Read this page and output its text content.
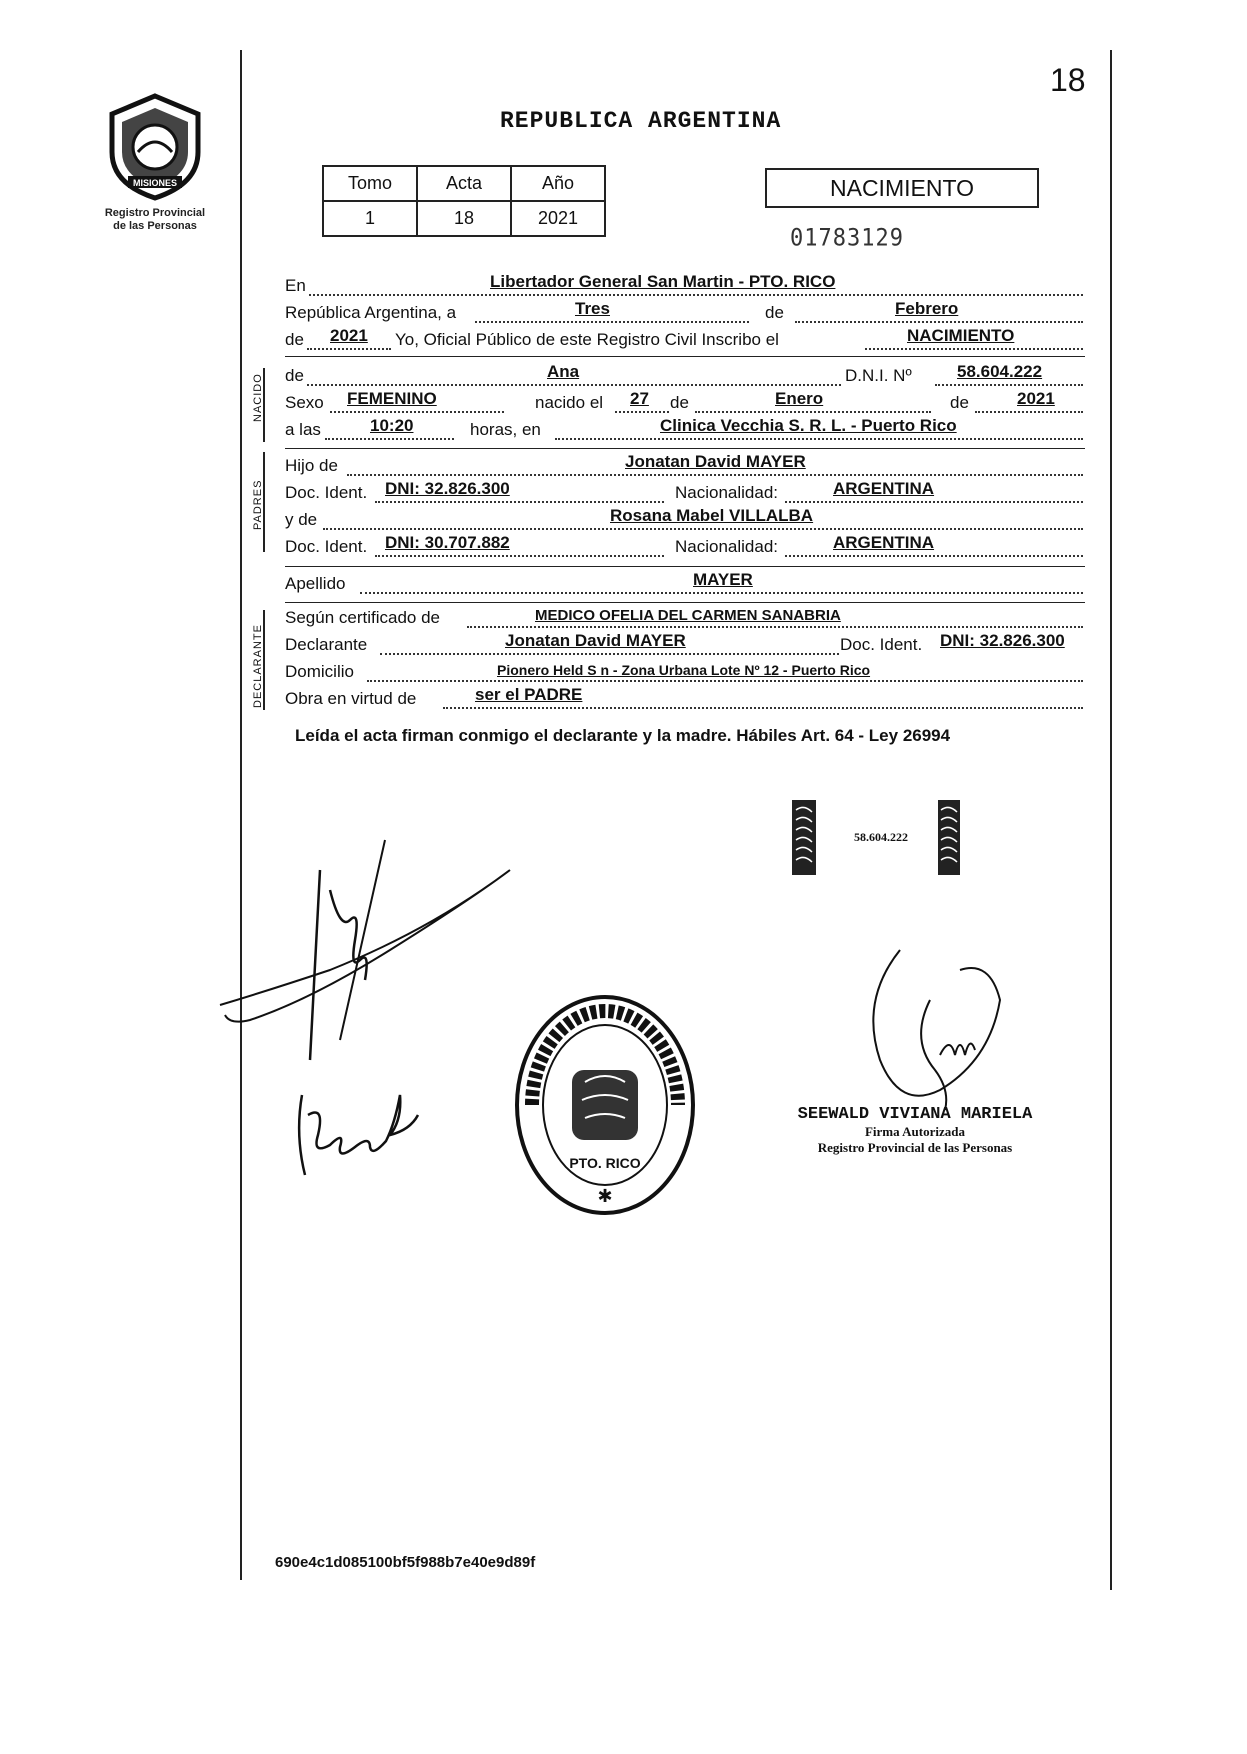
18
MISIONES
Registro Provincial
de las Personas
REPUBLICA ARGENTINA
Tomo	Acta	Año
1	18	2021
NACIMIENTO
01783129
En	Libertador General San Martin - PTO. RICO
República Argentina, a	Tres	de	Febrero
de 2021 Yo, Oficial Público de este Registro Civil Inscribo el	NACIMIENTO
NACIDO de	Ana	D.N.I. Nº	58.604.222
Sexo FEMENINO	nacido el 27 de	Enero	de	2021
a las	10:20	horas, en	Clinica Vecchia S. R. L. - Puerto Rico
PADRES
Hijo de	Jonatan David MAYER
Doc. Ident. DNI: 32.826.300	Nacionalidad:	ARGENTINA
y de	Rosana Mabel VILLALBA
Doc. Ident. DNI: 30.707.882	Nacionalidad:	ARGENTINA
Apellido	MAYER
DECLARANTE
Según certificado de	MEDICO OFELIA DEL CARMEN SANABRIA
Declarante	Jonatan David MAYER	Doc. Ident. DNI: 32.826.300
Domicilio	Pionero Held S n - Zona Urbana Lote Nº 12 - Puerto Rico
Obra en virtud de	ser el PADRE
Leída el acta firman conmigo el declarante y la madre. Hábiles Art. 64 - Ley 26994
58.604.222
PTO. RICO
✱
SEEWALD VIVIANA MARIELA
Firma Autorizada
Registro Provincial de las Personas
690e4c1d085100bf5f988b7e40e9d89f
